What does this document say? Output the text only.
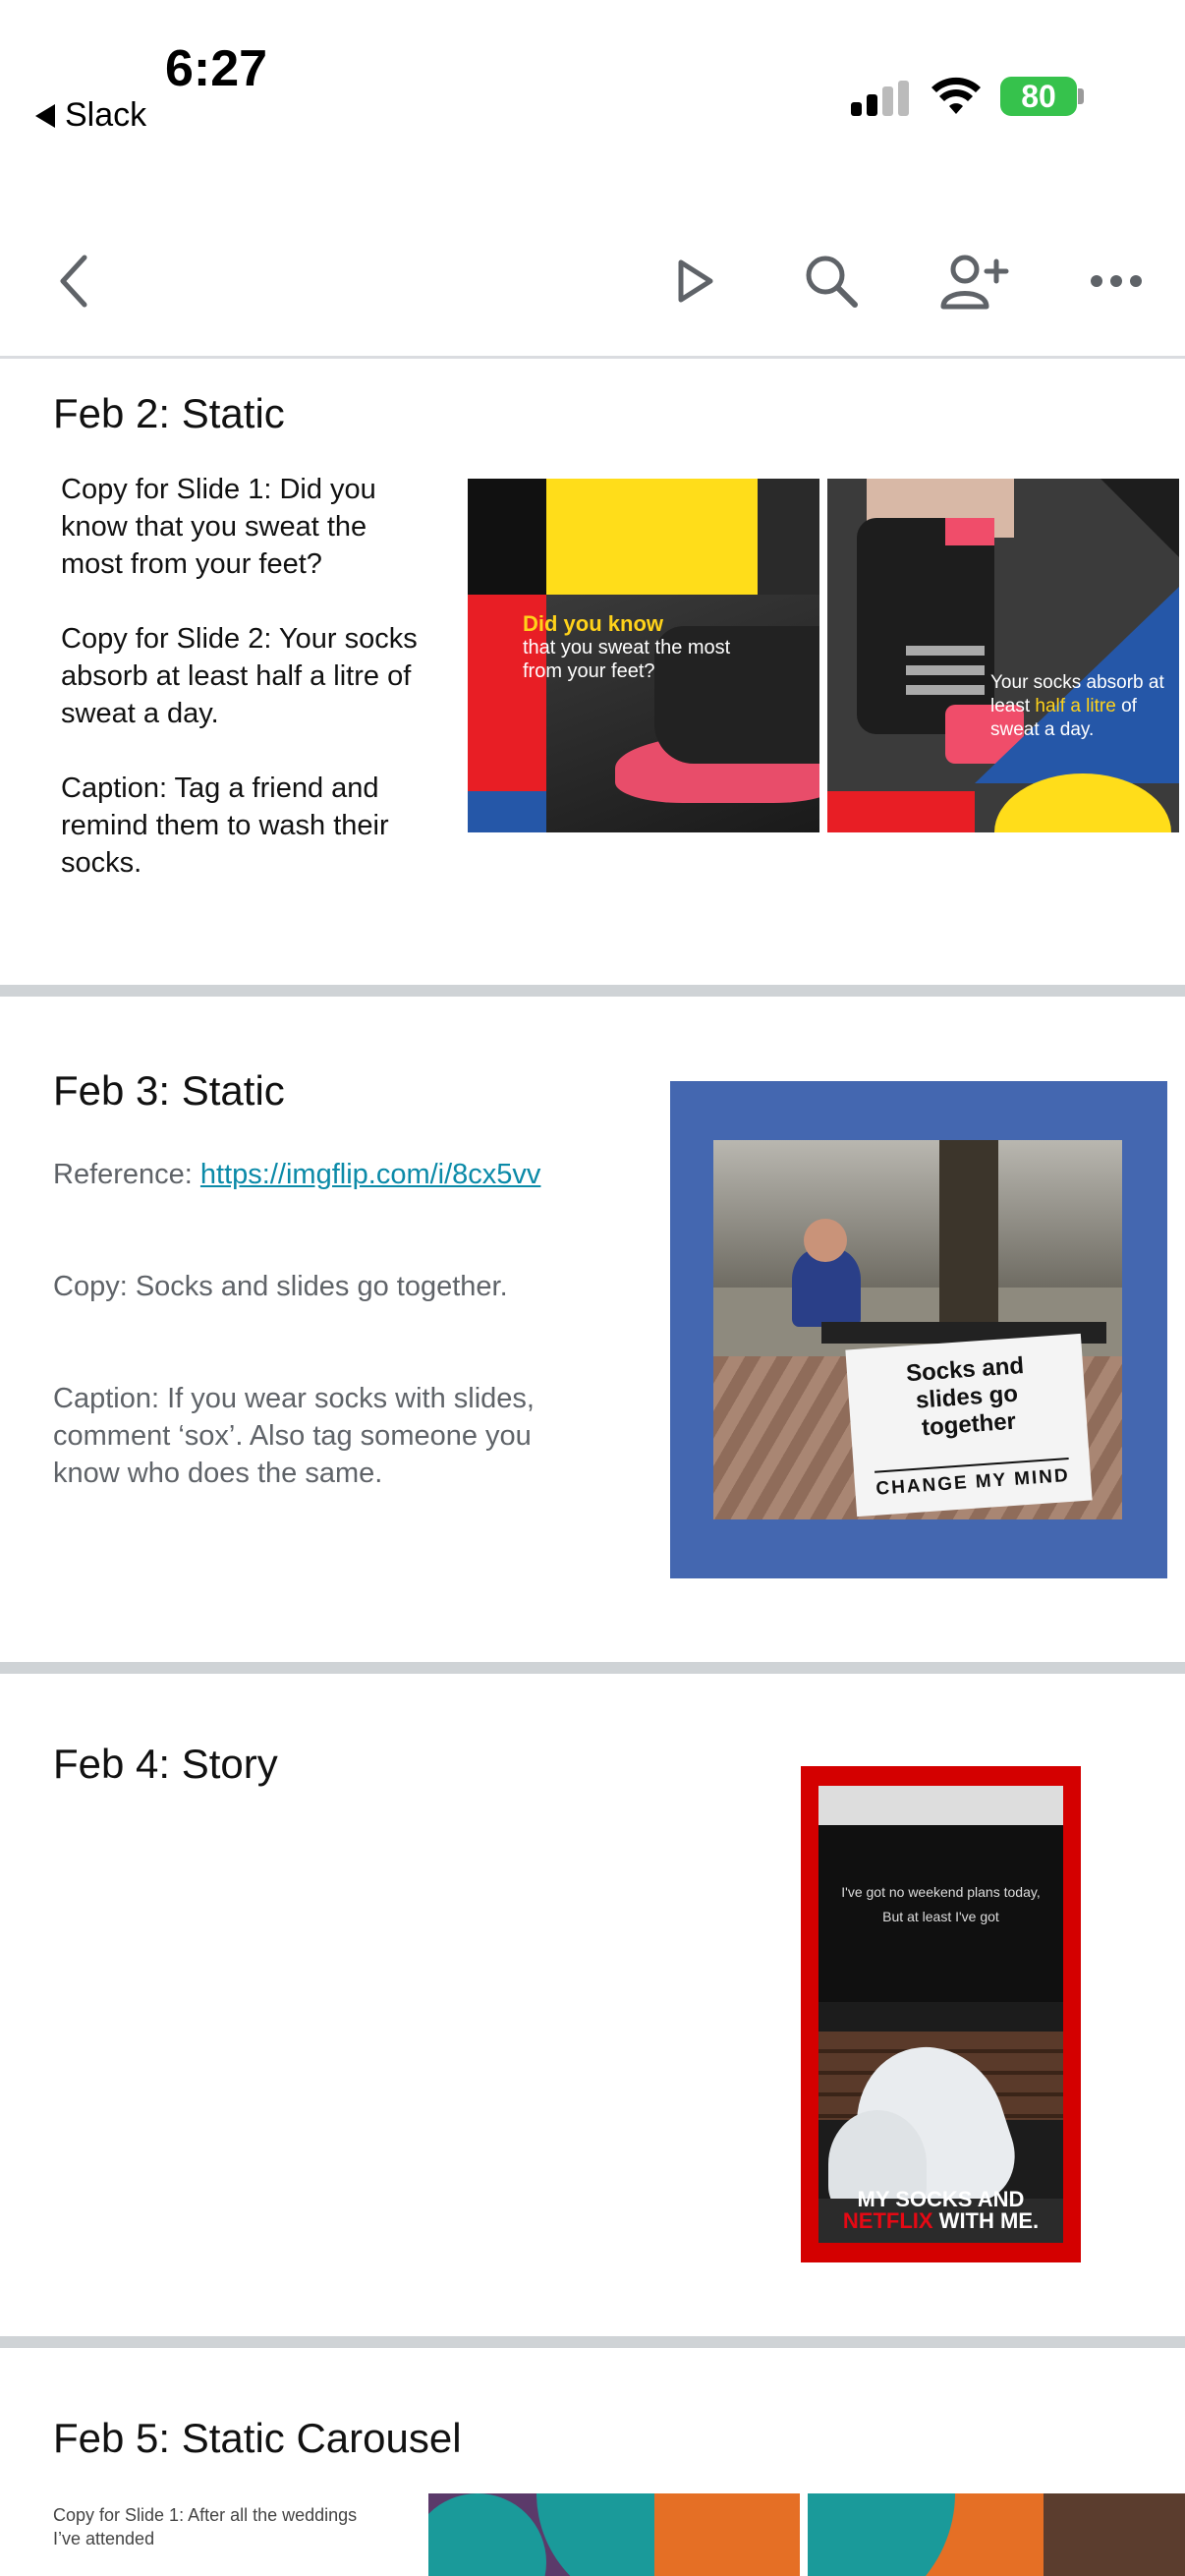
6:27
Slack
80
Feb 2: Static
Copy for Slide 1: Did you know that you sweat the most from your feet?
Copy for Slide 2: Your socks absorb at least half a litre of sweat a day.
Caption: Tag a friend and remind them to wash their socks.
Did you know
that you sweat the most from your feet?
Your socks absorb at least half a litre of sweat a day.
Feb 3: Static
Reference: https://imgflip.com/i/8cx5vv
Copy: Socks and slides go together.
Caption: If you wear socks with slides, comment ‘sox’. Also tag someone you know who does the same.
Socks and slides go together
CHANGE MY MIND
Feb 4: Story
I've got no weekend plans today,
But at least I've got
MY SOCKS AND
NETFLIX WITH ME.
Feb 5: Static Carousel
Copy for Slide 1: After all the weddings I’ve attended
